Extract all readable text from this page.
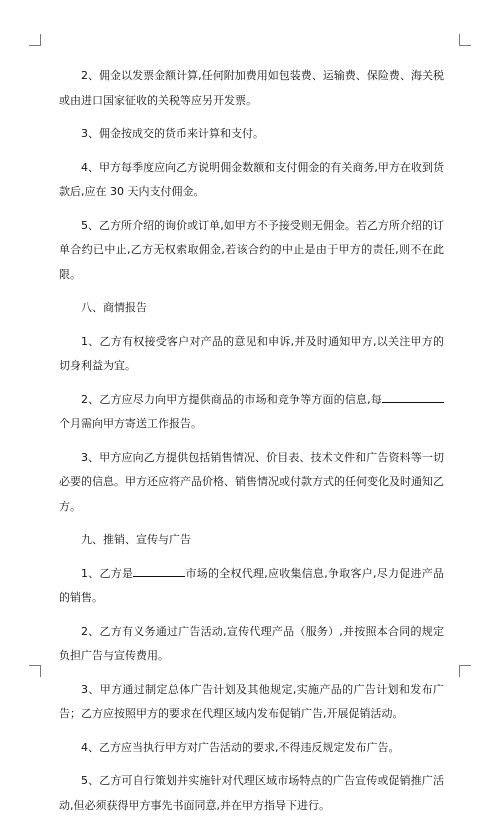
2、佣金以发票金额计算,任何附加费用如包装费、运输费、保险费、海关税或由进口国家征收的关税等应另开发票。

3、佣金按成交的货币来计算和支付。

4、甲方每季度应向乙方说明佣金数额和支付佣金的有关商务,甲方在收到货款后,应在 30 天内支付佣金。

5、乙方所介绍的询价或订单,如甲方不予接受则无佣金。若乙方所介绍的订单合约已中止,乙方无权索取佣金,若该合约的中止是由于甲方的责任,则不在此限。

八、商情报告

1、乙方有权接受客户对产品的意见和申诉,并及时通知甲方,以关注甲方的切身利益为宜。

2、乙方应尽力向甲方提供商品的市场和竞争等方面的信息,每个月需向甲方寄送工作报告。

3、甲方应向乙方提供包括销售情况、价目表、技术文件和广告资料等一切必要的信息。甲方还应将产品价格、销售情况或付款方式的任何变化及时通知乙方。

九、推销、宣传与广告

1、乙方是	市场的全权代理,应收集信息,争取客户,尽力促进产品的销售。

2、乙方有义务通过广告活动,宣传代理产品（服务）,并按照本合同的规定负担广告与宣传费用。

3、甲方通过制定总体广告计划及其他规定,实施产品的广告计划和发布广告；乙方应按照甲方的要求在代理区域内发布促销广告,开展促销活动。

4、乙方应当执行甲方对广告活动的要求,不得违反规定发布广告。

5、乙方可自行策划并实施针对代理区域市场特点的广告宣传或促销推广活动,但必须获得甲方事先书面同意,并在甲方指导下进行。
